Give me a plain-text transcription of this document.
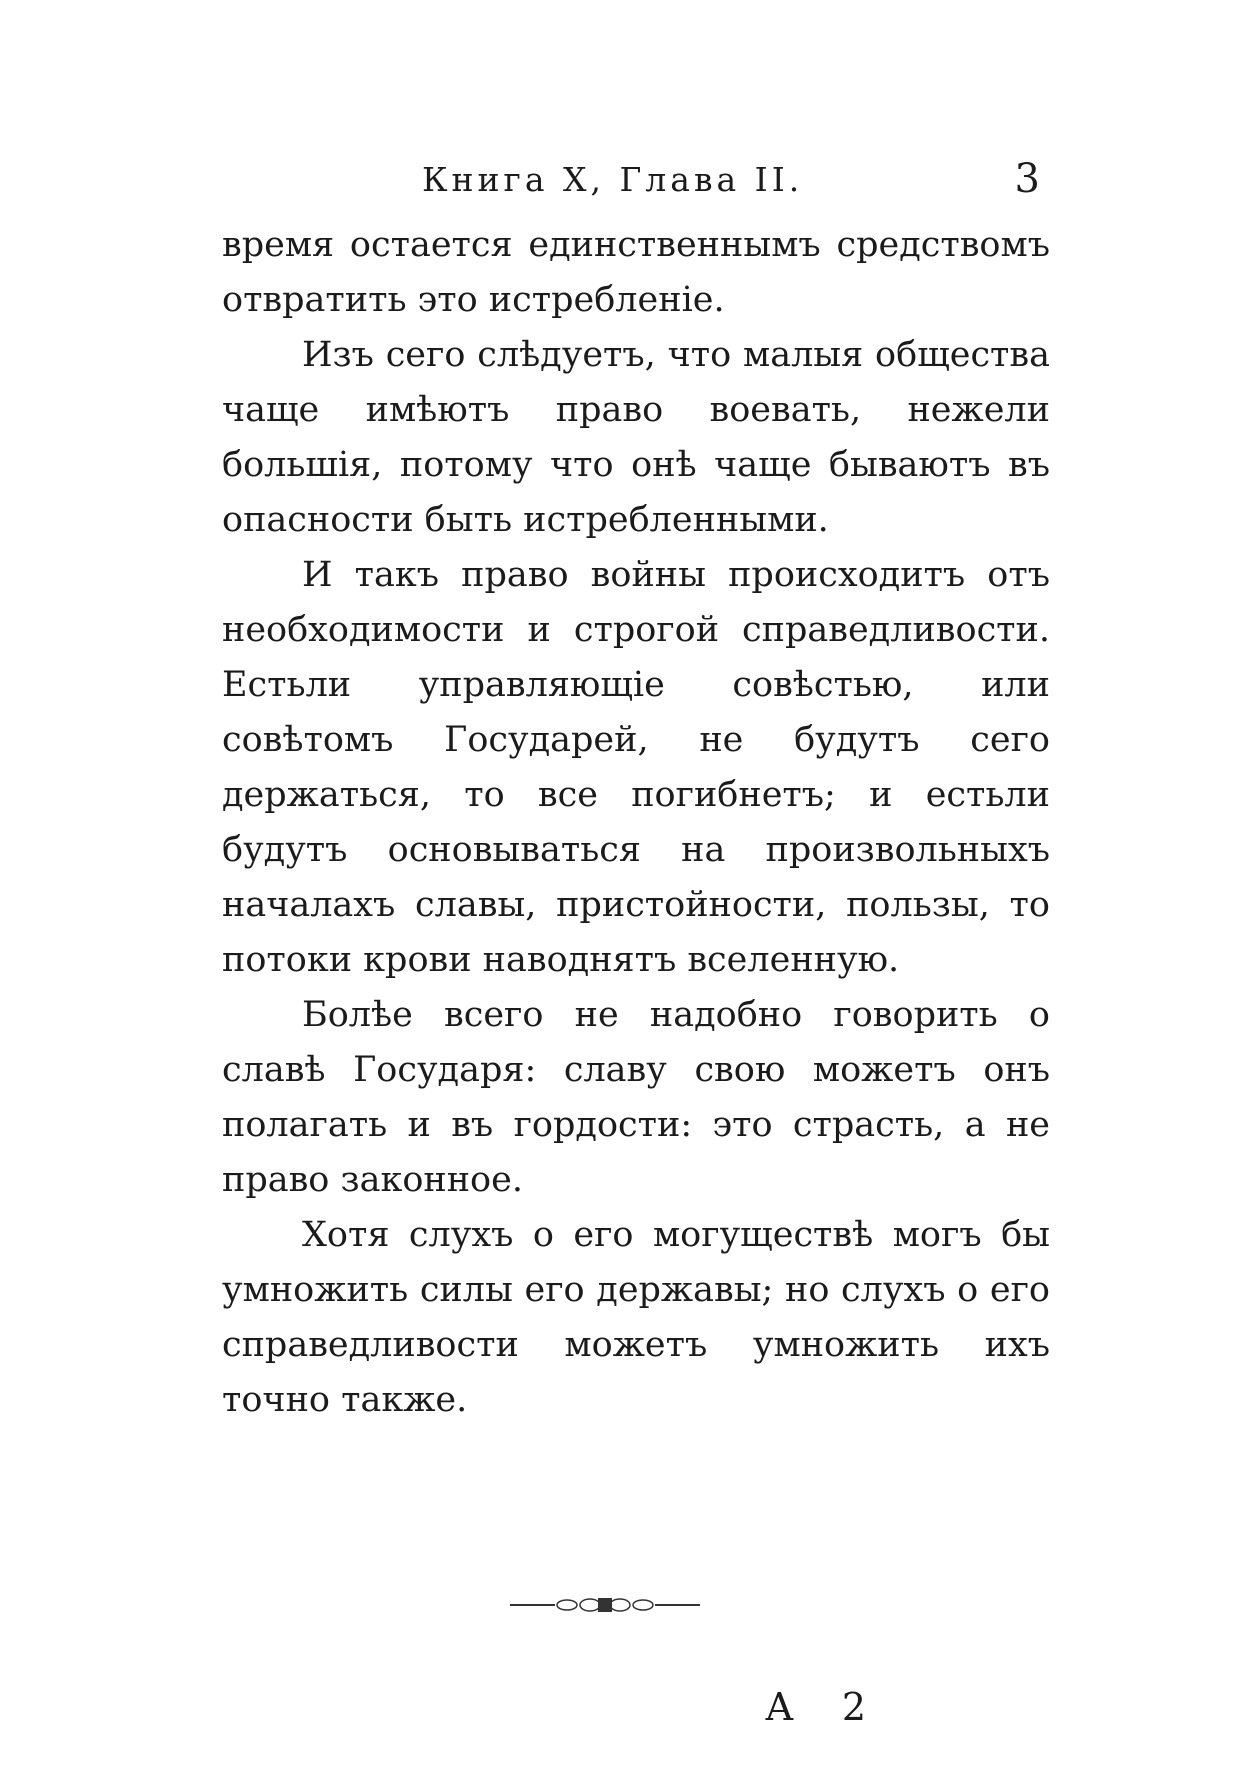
Книга X, Глава II.	3

время остается единственнымъ средствомъ отвратить это истребленіе.

Изъ сего слѣдуетъ, что малыя общества чаще имѣютъ право воевать, нежели большія, потому что онѣ чаще бываютъ въ опасности быть истребленными.

И такъ право войны происходитъ отъ необходимости и строгой справедливости. Естьли управляющіе совѣстью, или совѣтомъ Государей, не будутъ сего держаться, то все погибнетъ; и естьли будутъ основываться на произвольныхъ началахъ славы, пристойности, пользы, то потоки крови наводнятъ вселенную.

Болѣе всего не надобно говорить о славѣ Государя: славу свою можетъ онъ полагать и въ гордости: это страсть, а не право законное.

Хотя слухъ о его могуществѣ могъ бы умножить силы его державы; но слухъ о его справедливости можетъ умножить ихъ точно также.

А 2
